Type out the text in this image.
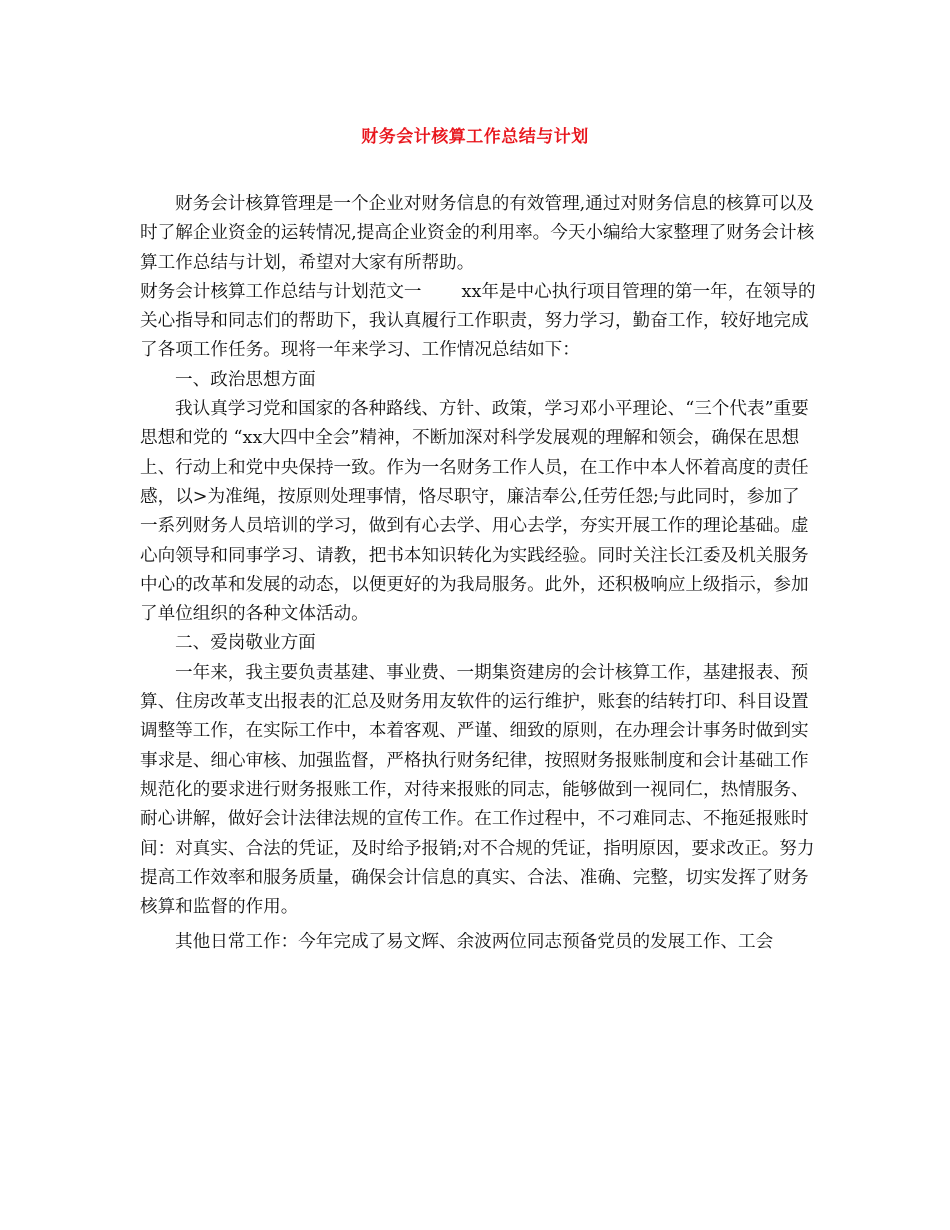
财务会计核算工作总结与计划

财务会计核算管理是一个企业对财务信息的有效管理,通过对财务信息的核算可以及时了解企业资金的运转情况,提高企业资金的利用率。今天小编给大家整理了财务会计核算工作总结与计划，希望对大家有所帮助。

财务会计核算工作总结与计划范文一 xx年是中心执行项目管理的第一年，在领导的关心指导和同志们的帮助下，我认真履行工作职责，努力学习，勤奋工作，较好地完成了各项工作任务。现将一年来学习、工作情况总结如下：

一、政治思想方面

我认真学习党和国家的各种路线、方针、政策，学习邓小平理论、“三个代表”重要思想和党的 “xx大四中全会”精神，不断加深对科学发展观的理解和领会，确保在思想上、行动上和党中央保持一致。作为一名财务工作人员，在工作中本人怀着高度的责任感，以>为准绳，按原则处理事情，恪尽职守，廉洁奉公,任劳任怨;与此同时，参加了一系列财务人员培训的学习，做到有心去学、用心去学，夯实开展工作的理论基础。虚心向领导和同事学习、请教，把书本知识转化为实践经验。同时关注长江委及机关服务中心的改革和发展的动态，以便更好的为我局服务。此外，还积极响应上级指示，参加了单位组织的各种文体活动。

二、爱岗敬业方面

一年来，我主要负责基建、事业费、一期集资建房的会计核算工作，基建报表、预算、住房改革支出报表的汇总及财务用友软件的运行维护，账套的结转打印、科目设置调整等工作，在实际工作中，本着客观、严谨、细致的原则，在办理会计事务时做到实事求是、细心审核、加强监督，严格执行财务纪律，按照财务报账制度和会计基础工作规范化的要求进行财务报账工作，对待来报账的同志，能够做到一视同仁，热情服务、耐心讲解，做好会计法律法规的宣传工作。在工作过程中，不刁难同志、不拖延报账时间：对真实、合法的凭证，及时给予报销;对不合规的凭证，指明原因，要求改正。努力提高工作效率和服务质量，确保会计信息的真实、合法、准确、完整，切实发挥了财务核算和监督的作用。

其他日常工作：今年完成了易文辉、余波两位同志预备党员的发展工作、工会
